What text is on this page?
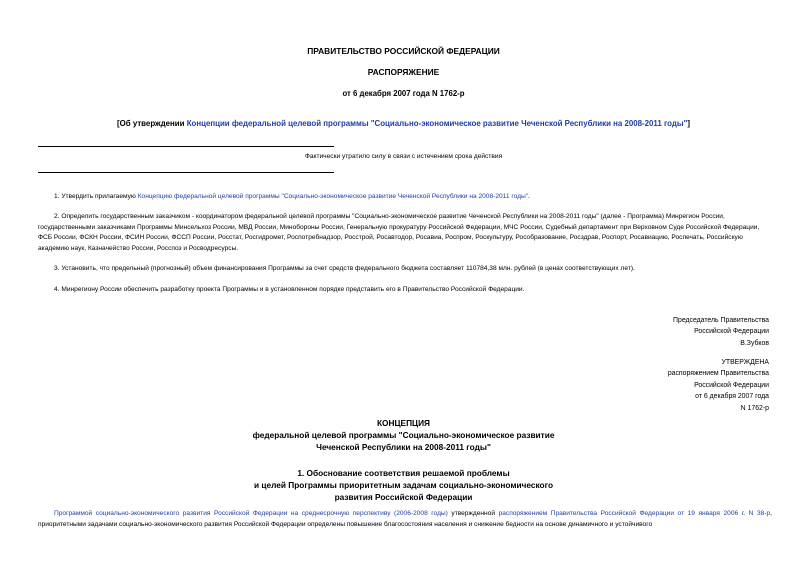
ПРАВИТЕЛЬСТВО РОССИЙСКОЙ ФЕДЕРАЦИИ
РАСПОРЯЖЕНИЕ
от 6 декабря 2007 года N 1762-р
[Об утверждении Концепции федеральной целевой программы "Социально-экономическое развитие Чеченской Республики на 2008-2011 годы"]
Фактически утратило силу в связи с истечением срока действия
1. Утвердить прилагаемую Концепцию федеральной целевой программы "Социально-экономическое развитие Чеченской Республики на 2008-2011 годы".
2. Определить государственным заказчиком - координатором федеральной целевой программы "Социально-экономическое развитие Чеченской Республики на 2008-2011 годы" (далее - Программа) Минрегион России, государственными заказчиками Программы Минсельхоз России, МВД России, Минобороны России, Генеральную прокуратуру Российской Федерации, МЧС России, Судебный департамент при Верховном Суде Российской Федерации, ФСБ России, ФСКН России, ФСИН России, ФССП России, Росстат, Росгидромет, Роспотребнадзор, Росстрой, Росавтодор, Росавиа, Роспром, Роскультуру, Рособразование, Росздрав, Роспорт, Росавиацию, Роспечать, Российскую академию наук, Казначейство России, Росспоз и Росводресурсы.
3. Установить, что предельный (прогнозный) объем финансирования Программы за счет средств федерального бюджета составляет 110784,38 млн. рублей (в ценах соответствующих лет).
4. Минрегиону России обеспечить разработку проекта Программы и в установленном порядке представить его в Правительство Российской Федерации.
Председатель Правительства
Российской Федерации
В.Зубков
УТВЕРЖДЕНА
распоряжением Правительства
Российской Федерации
от 6 декабря 2007 года
N 1762-р
КОНЦЕПЦИЯ
федеральной целевой программы "Социально-экономическое развитие
Чеченской Республики на 2008-2011 годы"
1. Обоснование соответствия решаемой проблемы
и целей Программы приоритетным задачам социально-экономического
развития Российской Федерации
Программой социально-экономического развития Российской Федерации на среднесрочную перспективу (2006-2008 годы) утвержденной распоряжением Правительства Российской Федерации от 19 января 2006 г. N 38-р, приоритетными задачами социально-экономического развития Российской Федерации определены повышение благосостояния населения и снижение бедности на основе динамичного и устойчивого
